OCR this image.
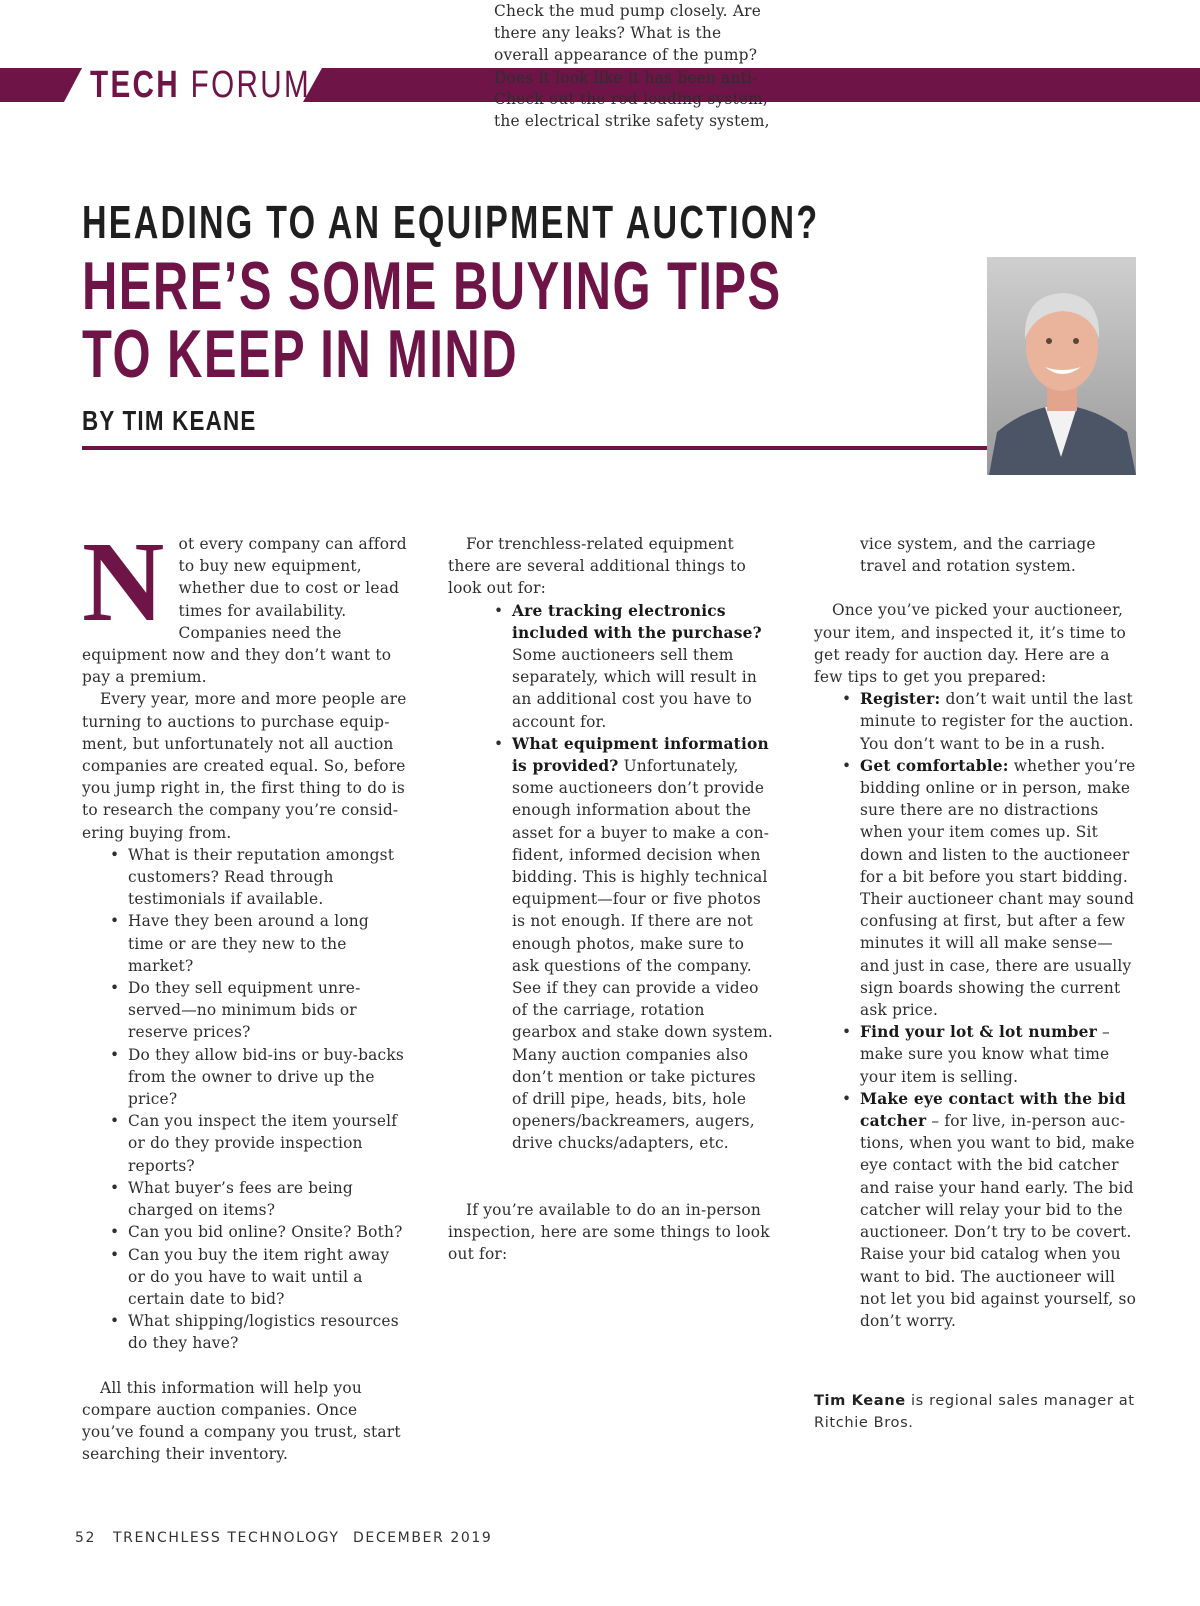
TECH FORUM
HEADING TO AN EQUIPMENT AUCTION?
HERE’S SOME BUYING TIPS
TO KEEP IN MIND
BY TIM KEANE
N ot every company can afford to buy new equipment, whether due to cost or lead times for availability. Companies need the equipment now and they don’t want to pay a premium.

Every year, more and more people are turning to auctions to purchase equipment, but unfortunately not all auction companies are created equal. So, before you jump right in, the first thing to do is to research the company you’re considering buying from.

• What is their reputation amongst customers? Read through testimonials if available.
• Have they been around a long time or are they new to the market?
• Do they sell equipment unreserved—no minimum bids or reserve prices?
• Do they allow bid-ins or buy-backs from the owner to drive up the price?
• Can you inspect the item yourself or do they provide inspection reports?
• What buyer’s fees are being charged on items?
• Can you bid online? Onsite? Both?
• Can you buy the item right away or do you have to wait until a certain date to bid?
• What shipping/logistics resources do they have?

All this information will help you compare auction companies. Once you’ve found a company you trust, start searching their inventory.

For trenchless-related equipment there are several additional things to look out for:

• Are tracking electronics included with the purchase? Some auctioneers sell them separately, which will result in an additional cost you have to account for.
• What equipment information is provided? Unfortunately, some auctioneers don’t provide enough information about the asset for a buyer to make a confident, informed decision when bidding. This is highly technical equipment—four or five photos is not enough. If there are not enough photos, make sure to ask questions of the company. See if they can provide a video of the carriage, rotation gearbox and stake down system. Many auction companies also don’t mention or take pictures of drill pipe, heads, bits, hole openers/backreamers, augers, drive chucks/adapters, etc.

If you’re available to do an in-person inspection, here are some things to look out for:

• Check the mud pump closely. Are there any leaks? What is the overall appearance of the pump? Does it look like it has been anti-
• Check out the rod loading system, the electrical strike safety system,

vice system, and the carriage travel and rotation system.

Once you’ve picked your auctioneer, your item, and inspected it, it’s time to get ready for auction day. Here are a few tips to get you prepared:

• Register: don’t wait until the last minute to register for the auction. You don’t want to be in a rush.
• Get comfortable: whether you’re bidding online or in person, make sure there are no distractions when your item comes up. Sit down and listen to the auctioneer for a bit before you start bidding. Their auctioneer chant may sound confusing at first, but after a few minutes it will all make sense—and just in case, there are usually sign boards showing the current ask price.
• Find your lot & lot number – make sure you know what time your item is selling.
• Make eye contact with the bid catcher – for live, in-person auctions, when you want to bid, make eye contact with the bid catcher and raise your hand early. The bid catcher will relay your bid to the auctioneer. Don’t try to be covert. Raise your bid catalog when you want to bid. The auctioneer will not let you bid against yourself, so don’t worry.
Tim Keane is regional sales manager at Ritchie Bros.
52 TRENCHLESS TECHNOLOGY DECEMBER 2019
